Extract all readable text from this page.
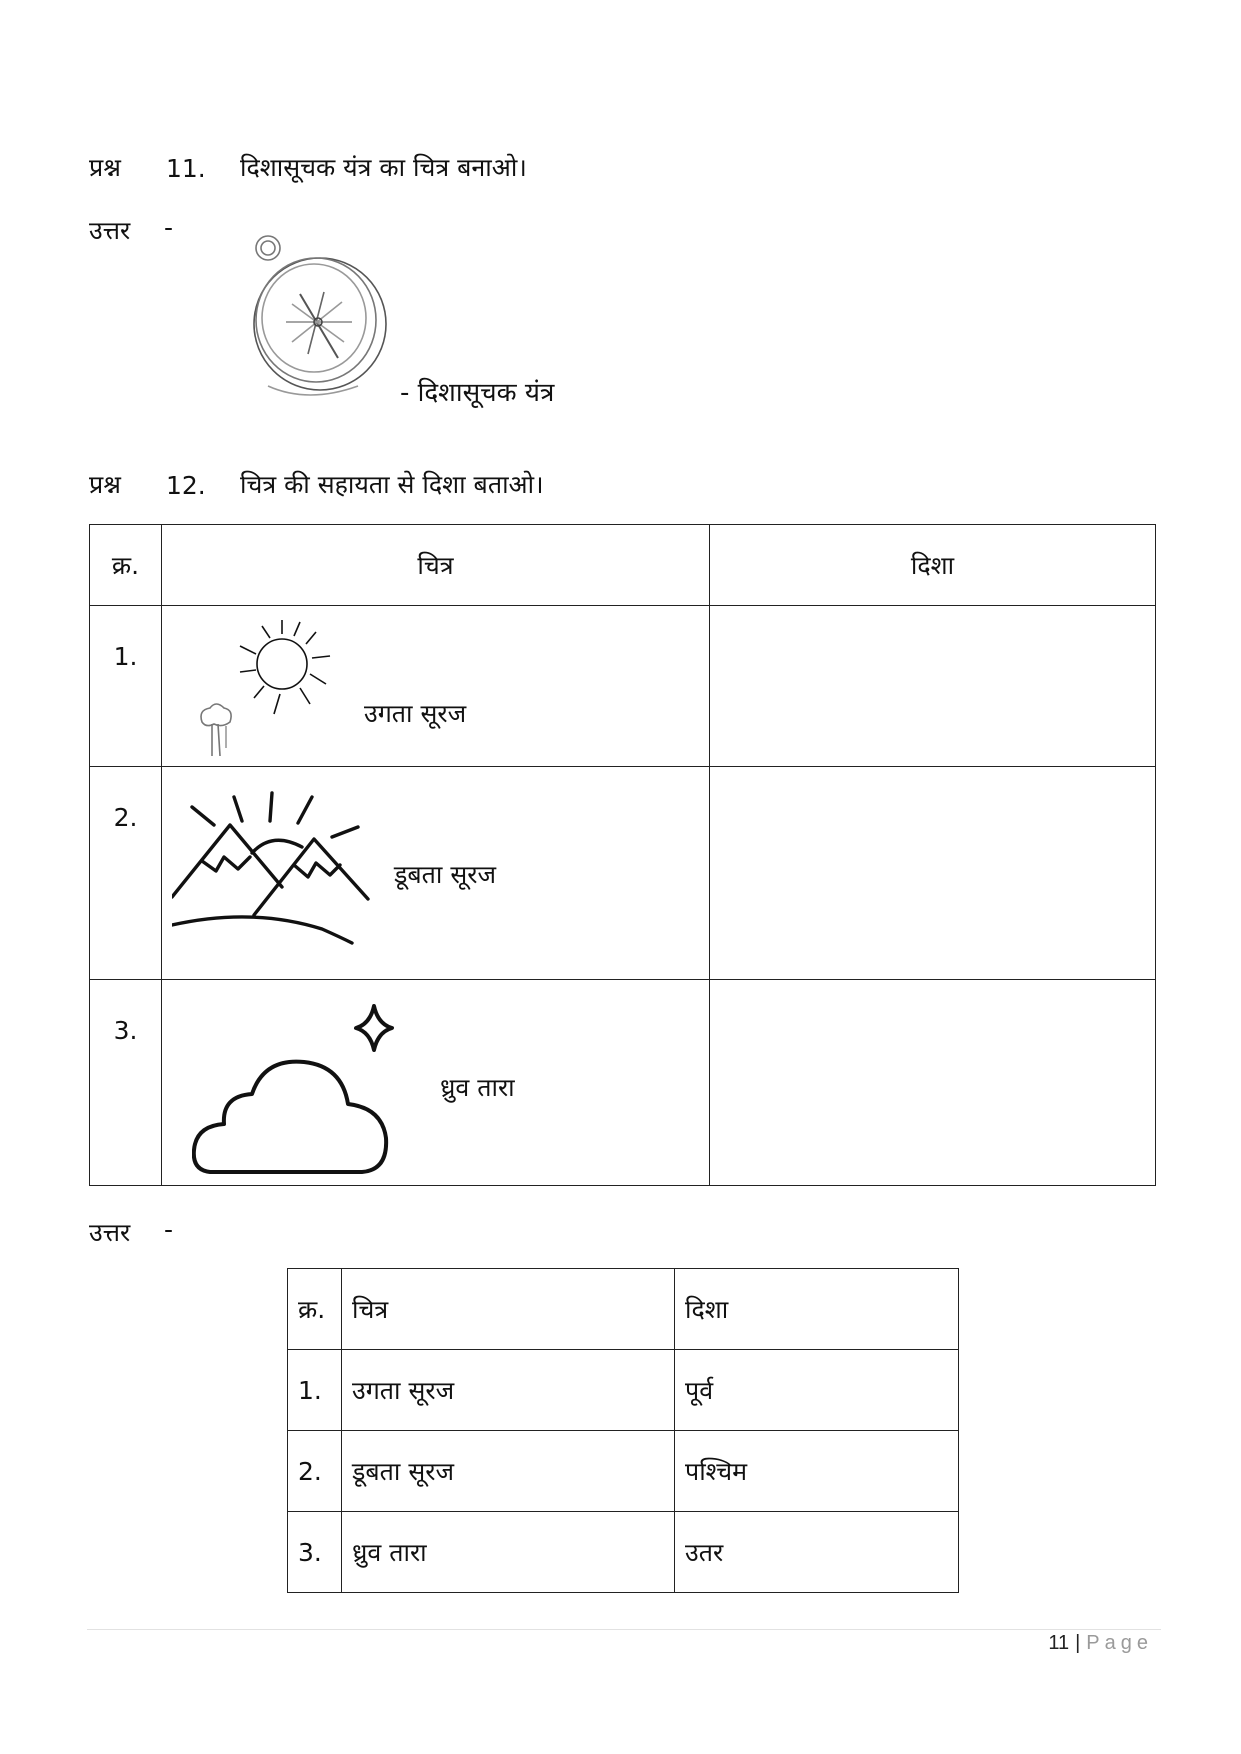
प्रश्न 11. दिशासूचक यंत्र का चित्र बनाओ।
उत्तर -
- दिशासूचक यंत्र
प्रश्न 12. चित्र की सहायता से दिशा बताओ।
क्र.	चित्र	दिशा
1.	उगता सूरज	

2.	डूबता सूरज	

3.	ध्रुव तारा	

उत्तर -
क्र.	चित्र	दिशा
1.	उगता सूरज	पूर्व
2.	डूबता सूरज	पश्चिम
3.	ध्रुव तारा	उतर
11 | Page
